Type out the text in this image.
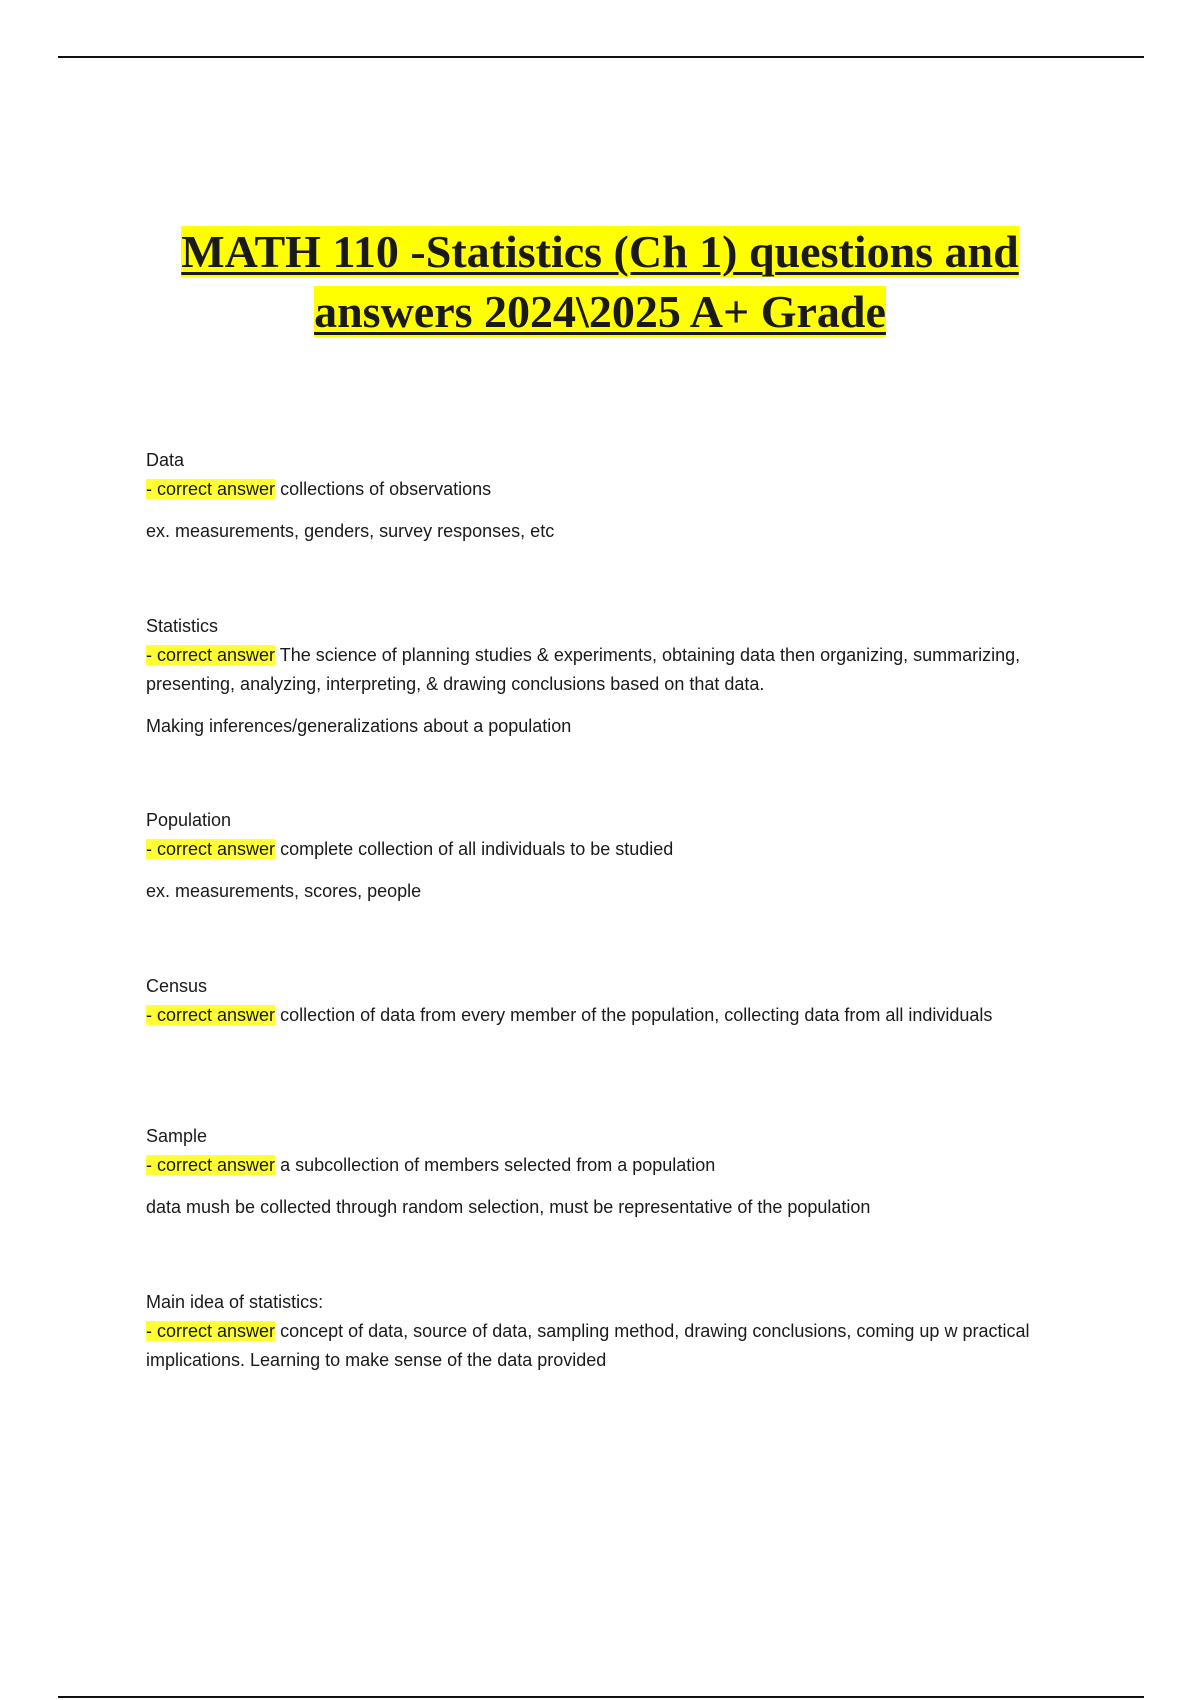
MATH 110 -Statistics (Ch 1) questions and
answers 2024\2025 A+ Grade

Data

- correct answer collections of observations

ex. measurements, genders, survey responses, etc

Statistics

- correct answer The science of planning studies & experiments, obtaining data then organizing, summarizing, presenting, analyzing, interpreting, & drawing conclusions based on that data.

Making inferences/generalizations about a population

Population

- correct answer complete collection of all individuals to be studied

ex. measurements, scores, people

Census

- correct answer collection of data from every member of the population, collecting data from all individuals

Sample

- correct answer a subcollection of members selected from a population

data mush be collected through random selection, must be representative of the population

Main idea of statistics:

- correct answer concept of data, source of data, sampling method, drawing conclusions, coming up w practical implications. Learning to make sense of the data provided
